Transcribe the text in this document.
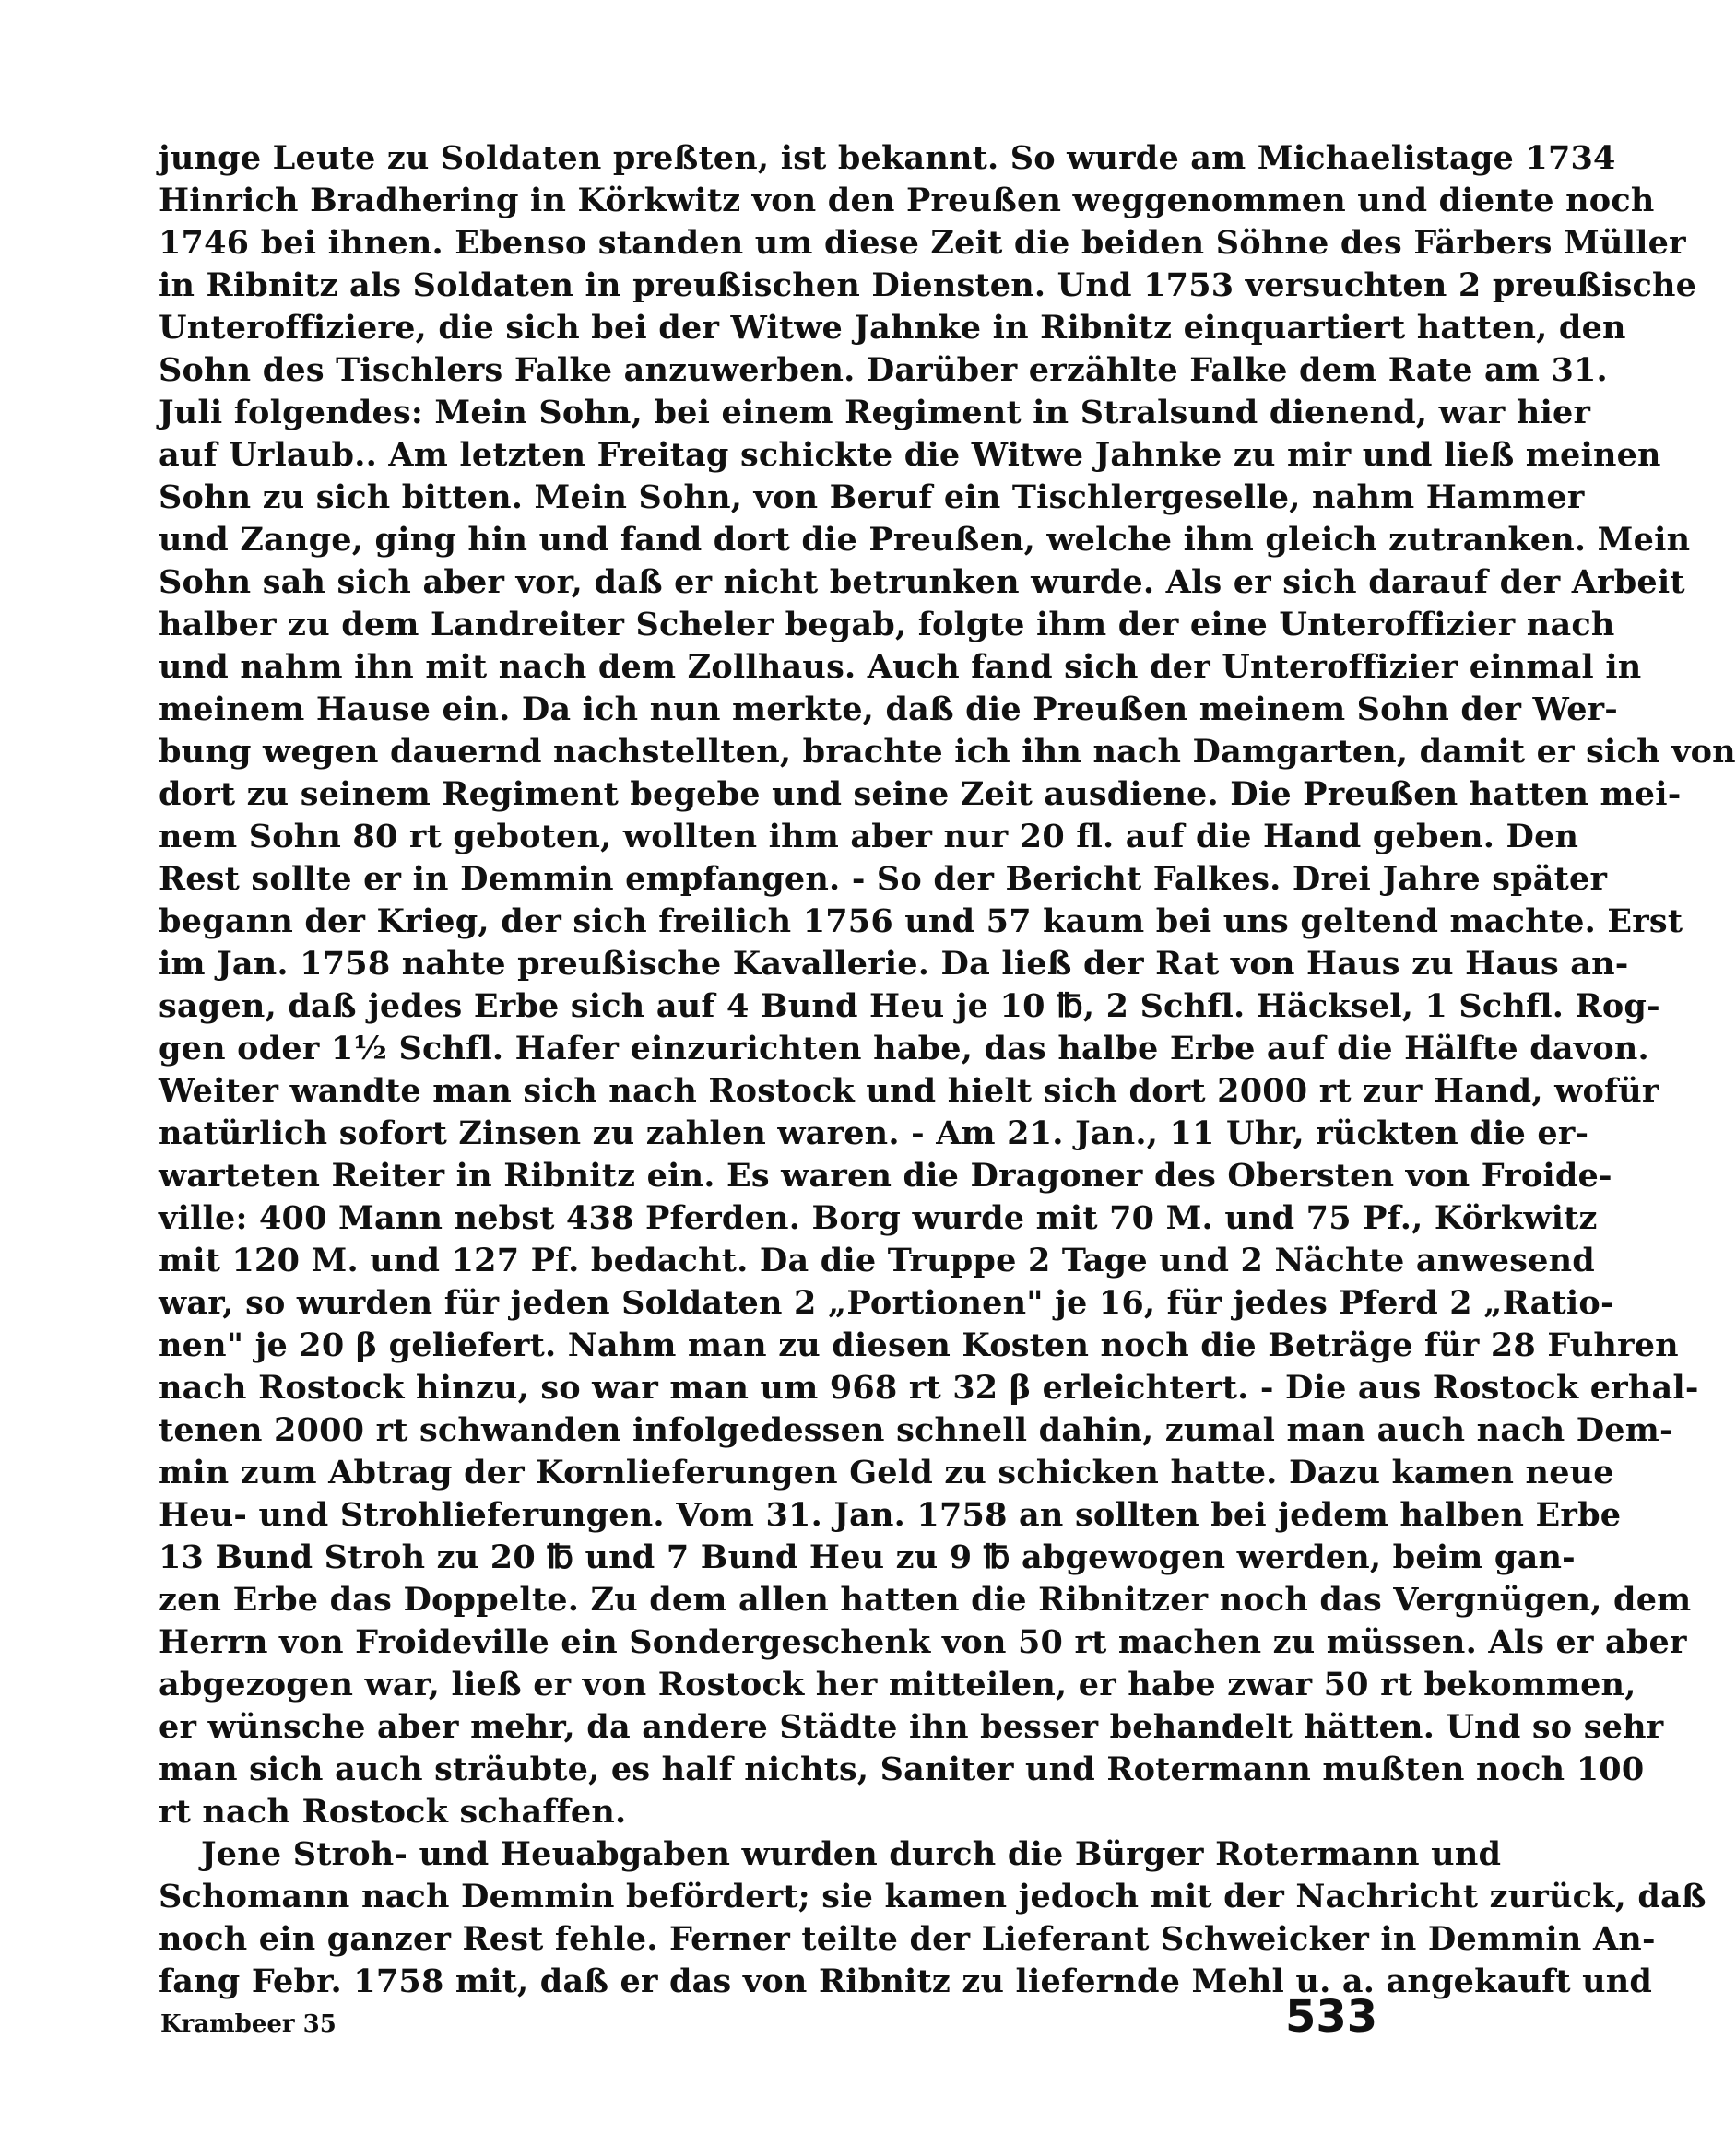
junge Leute zu Soldaten preßten, ist bekannt. So wurde am Michaelistage 1734
Hinrich Bradhering in Körkwitz von den Preußen weggenommen und diente noch
1746 bei ihnen. Ebenso standen um diese Zeit die beiden Söhne des Färbers Müller
in Ribnitz als Soldaten in preußischen Diensten. Und 1753 versuchten 2 preußische
Unteroffiziere, die sich bei der Witwe Jahnke in Ribnitz einquartiert hatten, den
Sohn des Tischlers Falke anzuwerben. Darüber erzählte Falke dem Rate am 31.
Juli folgendes: Mein Sohn, bei einem Regiment in Stralsund dienend, war hier
auf Urlaub.. Am letzten Freitag schickte die Witwe Jahnke zu mir und ließ meinen
Sohn zu sich bitten. Mein Sohn, von Beruf ein Tischlergeselle, nahm Hammer
und Zange, ging hin und fand dort die Preußen, welche ihm gleich zutranken. Mein
Sohn sah sich aber vor, daß er nicht betrunken wurde. Als er sich darauf der Arbeit
halber zu dem Landreiter Scheler begab, folgte ihm der eine Unteroffizier nach
und nahm ihn mit nach dem Zollhaus. Auch fand sich der Unteroffizier einmal in
meinem Hause ein. Da ich nun merkte, daß die Preußen meinem Sohn der Wer-
bung wegen dauernd nachstellten, brachte ich ihn nach Damgarten, damit er sich von
dort zu seinem Regiment begebe und seine Zeit ausdiene. Die Preußen hatten mei-
nem Sohn 80 rt geboten, wollten ihm aber nur 20 fl. auf die Hand geben. Den
Rest sollte er in Demmin empfangen. - So der Bericht Falkes. Drei Jahre später
begann der Krieg, der sich freilich 1756 und 57 kaum bei uns geltend machte. Erst
im Jan. 1758 nahte preußische Kavallerie. Da ließ der Rat von Haus zu Haus an-
sagen, daß jedes Erbe sich auf 4 Bund Heu je 10 ℔, 2 Schfl. Häcksel, 1 Schfl. Rog-
gen oder 1½ Schfl. Hafer einzurichten habe, das halbe Erbe auf die Hälfte davon.
Weiter wandte man sich nach Rostock und hielt sich dort 2000 rt zur Hand, wofür
natürlich sofort Zinsen zu zahlen waren. - Am 21. Jan., 11 Uhr, rückten die er-
warteten Reiter in Ribnitz ein. Es waren die Dragoner des Obersten von Froide-
ville: 400 Mann nebst 438 Pferden. Borg wurde mit 70 M. und 75 Pf., Körkwitz
mit 120 M. und 127 Pf. bedacht. Da die Truppe 2 Tage und 2 Nächte anwesend
war, so wurden für jeden Soldaten 2 „Portionen" je 16, für jedes Pferd 2 „Ratio-
nen" je 20 β geliefert. Nahm man zu diesen Kosten noch die Beträge für 28 Fuhren
nach Rostock hinzu, so war man um 968 rt 32 β erleichtert. - Die aus Rostock erhal-
tenen 2000 rt schwanden infolgedessen schnell dahin, zumal man auch nach Dem-
min zum Abtrag der Kornlieferungen Geld zu schicken hatte. Dazu kamen neue
Heu- und Strohlieferungen. Vom 31. Jan. 1758 an sollten bei jedem halben Erbe
13 Bund Stroh zu 20 ℔ und 7 Bund Heu zu 9 ℔ abgewogen werden, beim gan-
zen Erbe das Doppelte. Zu dem allen hatten die Ribnitzer noch das Vergnügen, dem
Herrn von Froideville ein Sondergeschenk von 50 rt machen zu müssen. Als er aber
abgezogen war, ließ er von Rostock her mitteilen, er habe zwar 50 rt bekommen,
er wünsche aber mehr, da andere Städte ihn besser behandelt hätten. Und so sehr
man sich auch sträubte, es half nichts, Saniter und Rotermann mußten noch 100
rt nach Rostock schaffen.
Jene Stroh- und Heuabgaben wurden durch die Bürger Rotermann und
Schomann nach Demmin befördert; sie kamen jedoch mit der Nachricht zurück, daß
noch ein ganzer Rest fehle. Ferner teilte der Lieferant Schweicker in Demmin An-
fang Febr. 1758 mit, daß er das von Ribnitz zu liefernde Mehl u. a. angekauft und
Krambeer 35	533
